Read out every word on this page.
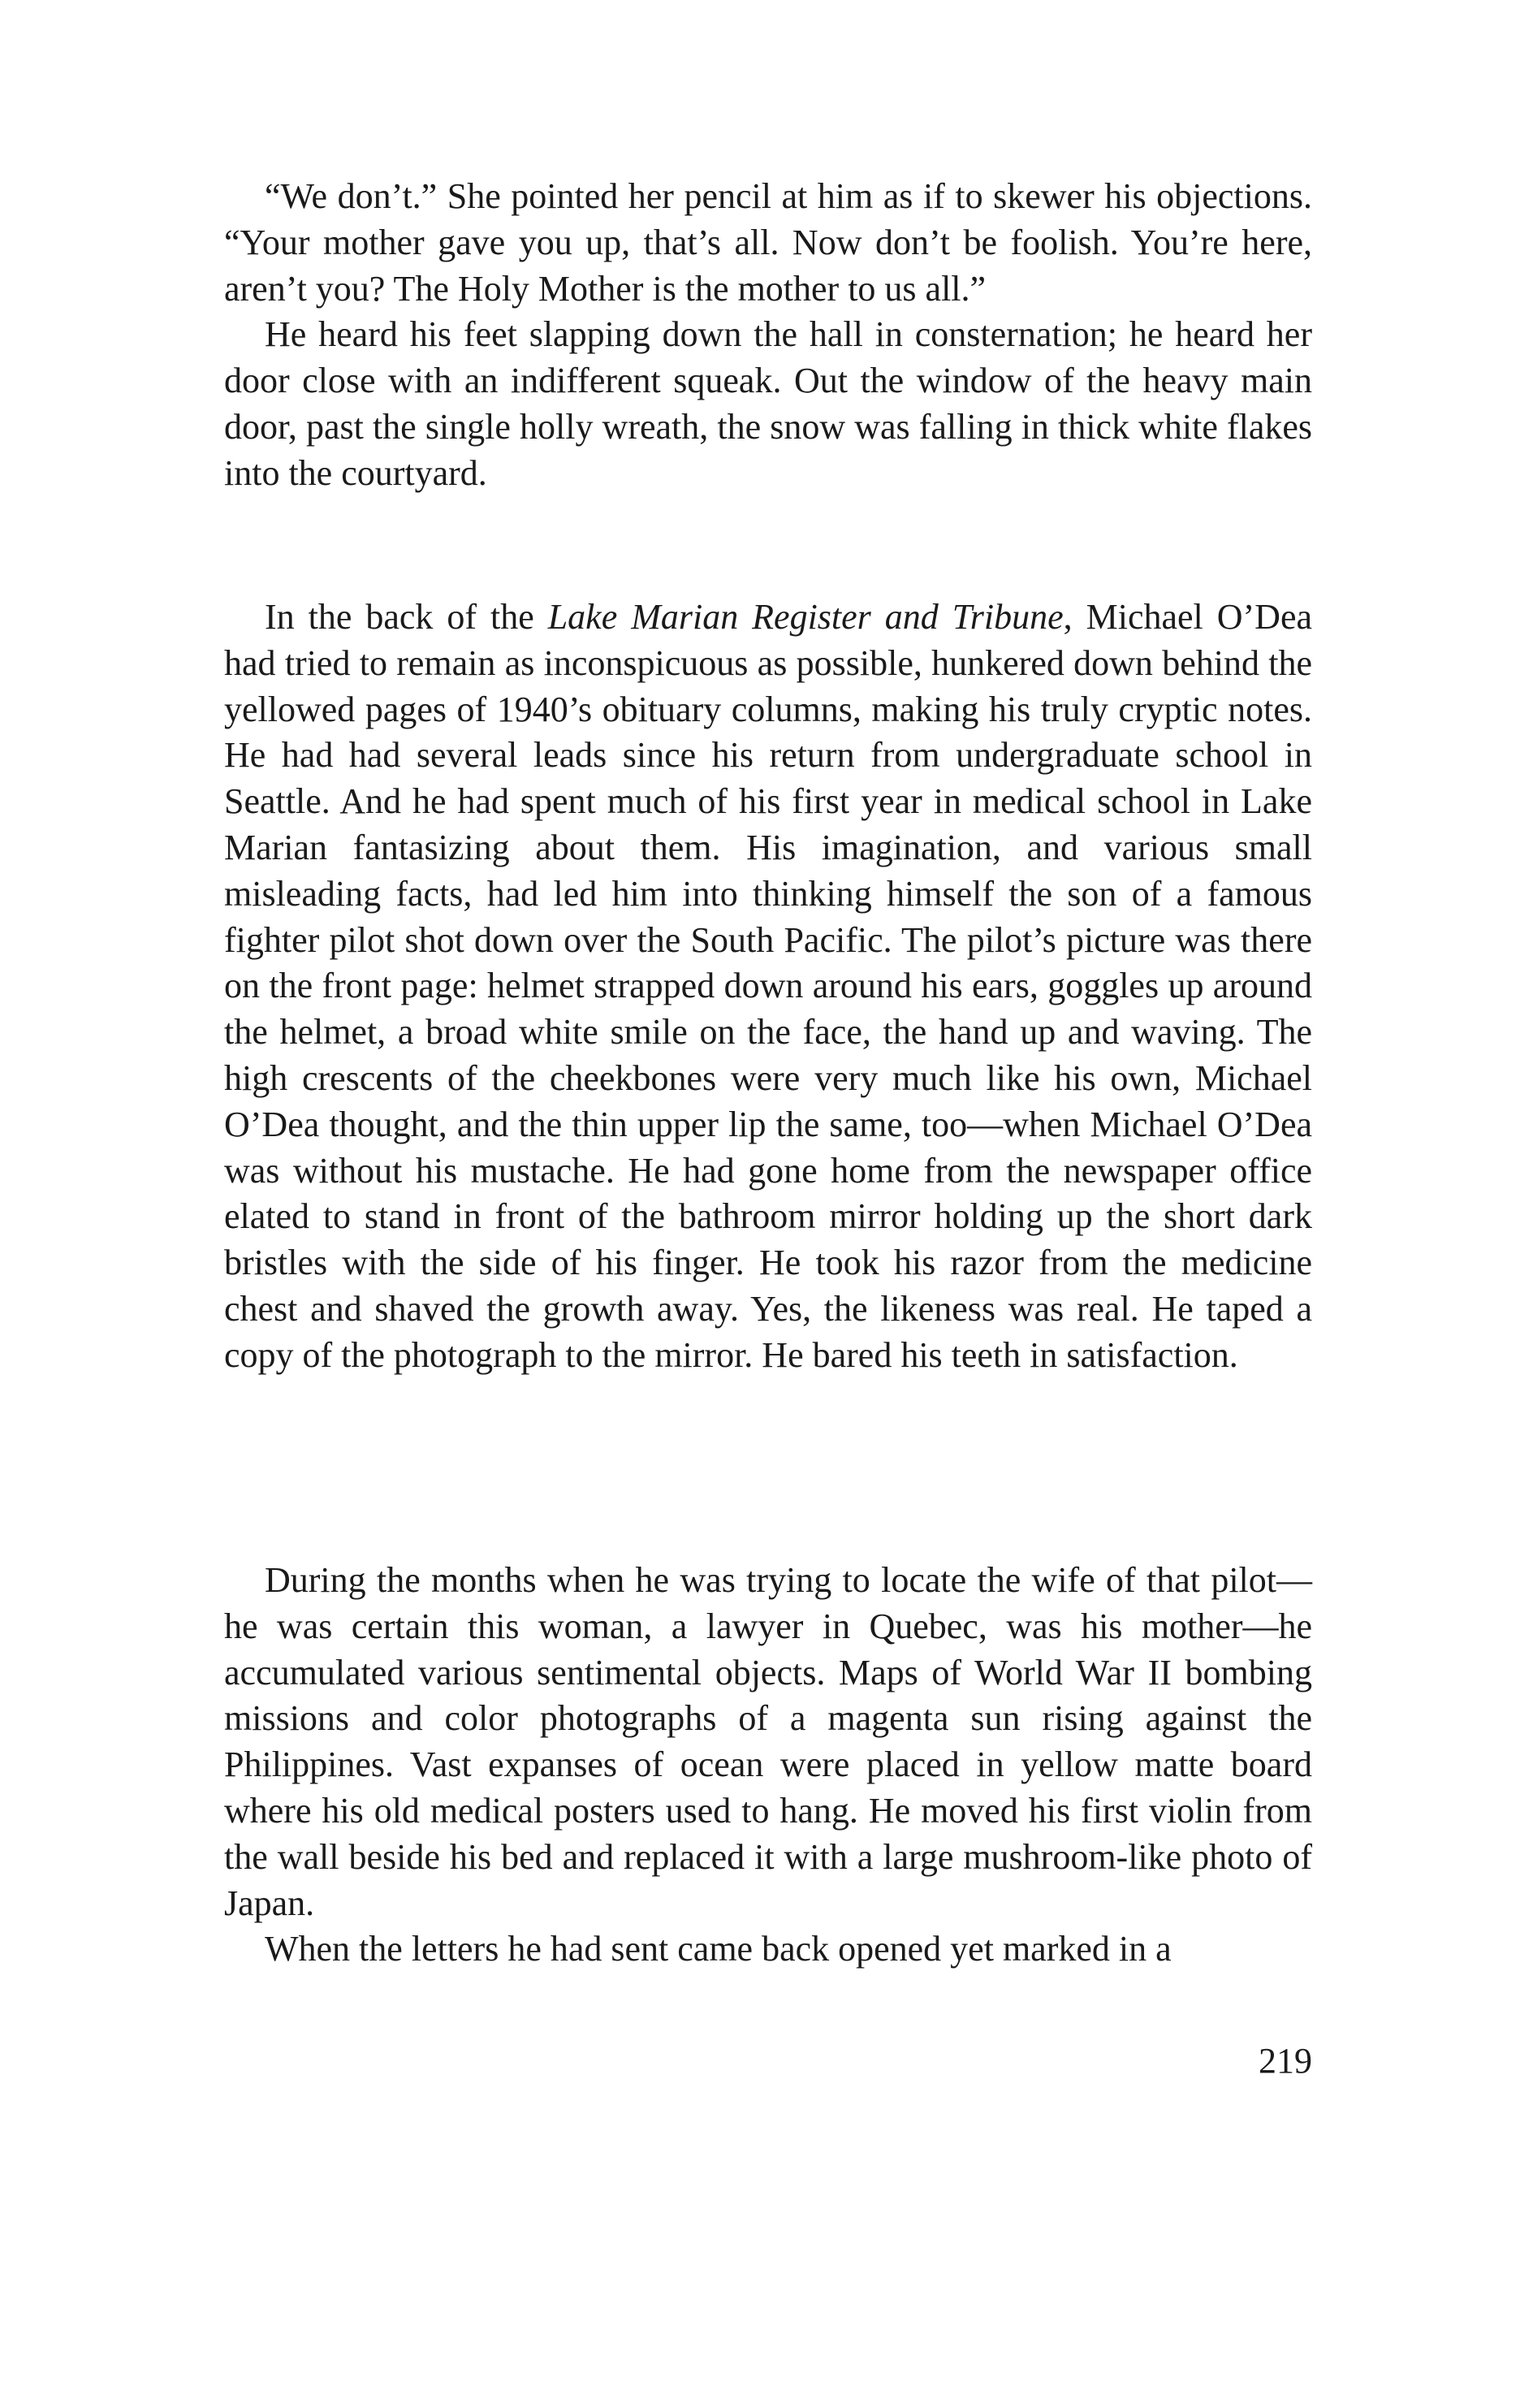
“We don’t.” She pointed her pencil at him as if to skewer his objections. “Your mother gave you up, that’s all. Now don’t be foolish. You’re here, aren’t you? The Holy Mother is the mother to us all.”

He heard his feet slapping down the hall in consternation; he heard her door close with an indifferent squeak. Out the window of the heavy main door, past the single holly wreath, the snow was falling in thick white flakes into the courtyard.

In the back of the Lake Marian Register and Tribune, Michael O’Dea had tried to remain as inconspicuous as possible, hunkered down behind the yellowed pages of 1940’s obituary columns, making his truly cryptic notes. He had had several leads since his return from undergraduate school in Seattle. And he had spent much of his first year in medical school in Lake Marian fantasizing about them. His imagination, and various small misleading facts, had led him into thinking himself the son of a famous fighter pilot shot down over the South Pacific. The pilot’s picture was there on the front page: helmet strapped down around his ears, goggles up around the helmet, a broad white smile on the face, the hand up and waving. The high crescents of the cheekbones were very much like his own, Michael O’Dea thought, and the thin upper lip the same, too—when Michael O’Dea was without his mustache. He had gone home from the newspaper office elated to stand in front of the bathroom mirror holding up the short dark bristles with the side of his finger. He took his razor from the medicine chest and shaved the growth away. Yes, the likeness was real. He taped a copy of the photograph to the mirror. He bared his teeth in satisfaction.

During the months when he was trying to locate the wife of that pilot—he was certain this woman, a lawyer in Quebec, was his mother—he accumulated various sentimental objects. Maps of World War II bombing missions and color photographs of a magenta sun rising against the Philippines. Vast expanses of ocean were placed in yellow matte board where his old medical posters used to hang. He moved his first violin from the wall beside his bed and replaced it with a large mushroom-like photo of Japan.

When the letters he had sent came back opened yet marked in a

219
